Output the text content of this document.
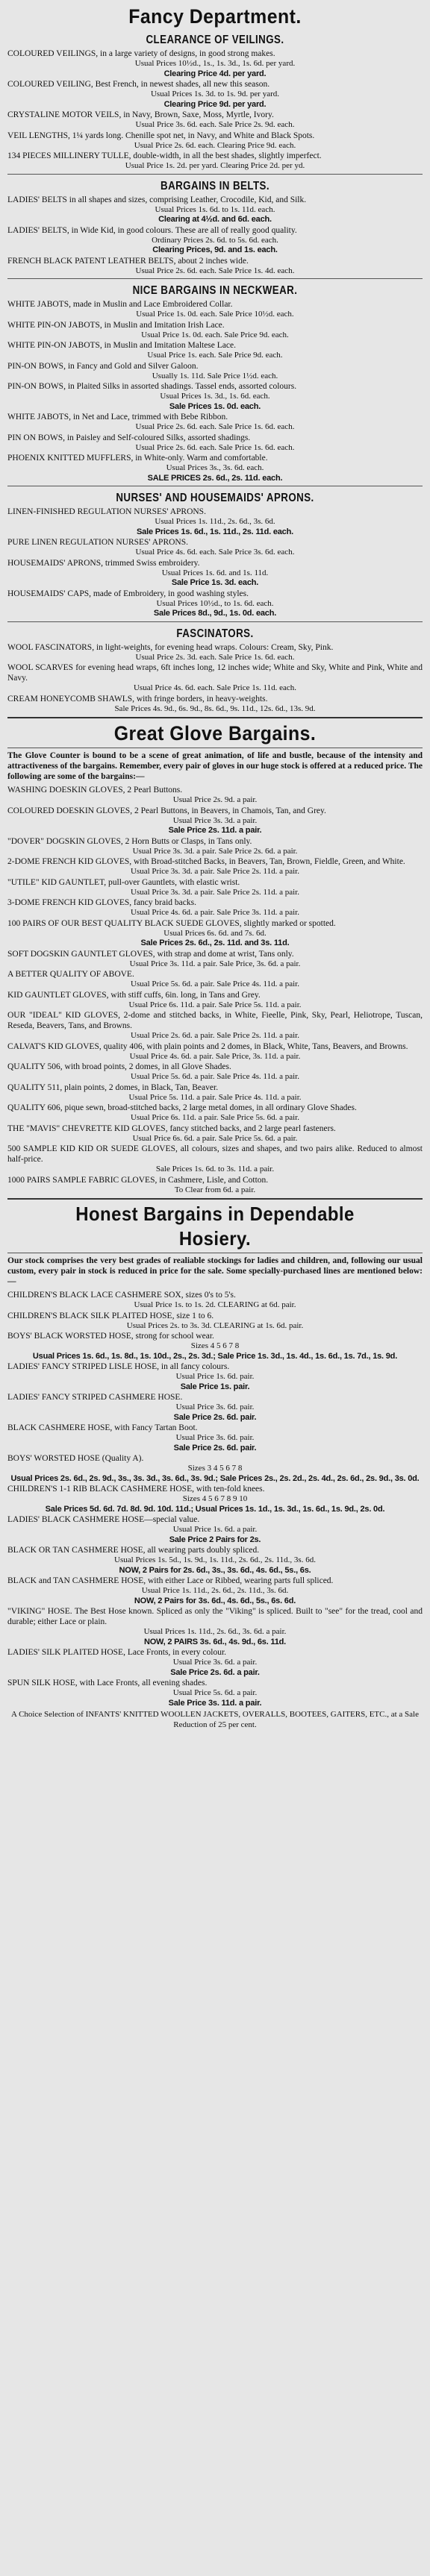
Fancy Department.
CLEARANCE OF VEILINGS.

COLOURED VEILINGS, in a large variety of designs, in good strong makes.

Usual Prices 10½d., 1s., 1s. 3d., 1s. 6d. per yard.

Clearing Price 4d. per yard.

COLOURED VEILING, Best French, in newest shades, all new this season.

Usual Prices 1s. 3d. to 1s. 9d. per yard.

Clearing Price 9d. per yard.

CRYSTALINE MOTOR VEILS, in Navy, Brown, Saxe, Moss, Myrtle, Ivory.

Usual Price 3s. 6d. each. Sale Price 2s. 9d. each.

VEIL LENGTHS, 1¼ yards long. Chenille spot net, in Navy, and White and Black Spots.

Usual Price 2s. 6d. each. Clearing Price 9d. each.

134 PIECES MILLINERY TULLE, double-width, in all the best shades, slightly imperfect.

Usual Price 1s. 2d. per yard. Clearing Price 2d. per yd.

BARGAINS IN BELTS.

LADIES' BELTS in all shapes and sizes, comprising Leather, Crocodile, Kid, and Silk.

Usual Prices 1s. 6d. to 1s. 11d. each.

Clearing at 4½d. and 6d. each.

LADIES' BELTS, in Wide Kid, in good colours. These are all of really good quality.

Ordinary Prices 2s. 6d. to 5s. 6d. each.

Clearing Prices, 9d. and 1s. each.

FRENCH BLACK PATENT LEATHER BELTS, about 2 inches wide.

Usual Price 2s. 6d. each. Sale Price 1s. 4d. each.

NICE BARGAINS IN NECKWEAR.

WHITE JABOTS, made in Muslin and Lace Embroidered Collar.

Usual Price 1s. 0d. each. Sale Price 10½d. each.

WHITE PIN-ON JABOTS, in Muslin and Imitation Irish Lace.

Usual Price 1s. 0d. each. Sale Price 9d. each.

WHITE PIN-ON JABOTS, in Muslin and Imitation Maltese Lace.

Usual Price 1s. each. Sale Price 9d. each.

PIN-ON BOWS, in Fancy and Gold and Silver Galoon.

Usually 1s. 11d. Sale Price 1½d. each.

PIN-ON BOWS, in Plaited Silks in assorted shadings. Tassel ends, assorted colours.

Usual Prices 1s. 3d., 1s. 6d. each.

Sale Prices 1s. 0d. each.

WHITE JABOTS, in Net and Lace, trimmed with Bebe Ribbon.

Usual Price 2s. 6d. each. Sale Price 1s. 6d. each.

PIN ON BOWS, in Paisley and Self-coloured Silks, assorted shadings.

Usual Price 2s. 6d. each. Sale Price 1s. 6d. each.

PHOENIX KNITTED MUFFLERS, in White-only. Warm and comfortable.

Usual Prices 3s., 3s. 6d. each.

SALE PRICES 2s. 6d., 2s. 11d. each.

NURSES' AND HOUSEMAIDS' APRONS.

LINEN-FINISHED REGULATION NURSES' APRONS.

Usual Prices 1s. 11d., 2s. 6d., 3s. 6d.

Sale Prices 1s. 6d., 1s. 11d., 2s. 11d. each.

PURE LINEN REGULATION NURSES' APRONS.

Usual Price 4s. 6d. each. Sale Price 3s. 6d. each.

HOUSEMAIDS' APRONS, trimmed Swiss embroidery.

Usual Prices 1s. 6d. and 1s. 11d.

Sale Price 1s. 3d. each.

HOUSEMAIDS' CAPS, made of Embroidery, in good washing styles.

Usual Prices 10½d., to 1s. 6d. each.

Sale Prices 8d., 9d., 1s. 0d. each.

FASCINATORS.

WOOL FASCINATORS, in light-weights, for evening head wraps. Colours: Cream, Sky, Pink.

Usual Price 2s. 3d. each. Sale Price 1s. 6d. each.

WOOL SCARVES for evening head wraps, 6ft inches long, 12 inches wide; White and Sky, White and Pink, White and Navy.

Usual Price 4s. 6d. each. Sale Price 1s. 11d. each.

CREAM HONEYCOMB SHAWLS, with fringe borders, in heavy-weights.

Sale Prices 4s. 9d., 6s. 9d., 8s. 6d., 9s. 11d., 12s. 6d., 13s. 9d.

Great Glove Bargains.

The Glove Counter is bound to be a scene of great animation, of life and bustle, because of the intensity and attractiveness of the bargains. Remember, every pair of gloves in our huge stock is offered at a reduced price. The following are some of the bargains:—

WASHING DOESKIN GLOVES, 2 Pearl Buttons.

Usual Price 2s. 9d. a pair.

COLOURED DOESKIN GLOVES, 2 Pearl Buttons, in Beavers, in Chamois, Tan, and Grey.

Usual Price 3s. 3d. a pair.

Sale Price 2s. 11d. a pair.

"DOVER" DOGSKIN GLOVES, 2 Horn Butts or Clasps, in Tans only.

Usual Price 3s. 3d. a pair. Sale Price 2s. 6d. a pair.

2-DOME FRENCH KID GLOVES, with Broad-stitched Backs, in Beavers, Tan, Brown, Fieldle, Green, and White.

Usual Price 3s. 3d. a pair. Sale Price 2s. 11d. a pair.

"UTILE" KID GAUNTLET, pull-over Gauntlets, with elastic wrist.

Usual Price 3s. 3d. a pair. Sale Price 2s. 11d. a pair.

3-DOME FRENCH KID GLOVES, fancy braid backs.

Usual Price 4s. 6d. a pair. Sale Price 3s. 11d. a pair.

100 PAIRS OF OUR BEST QUALITY BLACK SUEDE GLOVES, slightly marked or spotted.

Usual Prices 6s. 6d. and 7s. 6d.

Sale Prices 2s. 6d., 2s. 11d. and 3s. 11d.

SOFT DOGSKIN GAUNTLET GLOVES, with strap and dome at wrist, Tans only.

Usual Price 3s. 11d. a pair. Sale Price, 3s. 6d. a pair.

A BETTER QUALITY OF ABOVE.

Usual Price 5s. 6d. a pair. Sale Price 4s. 11d. a pair.

KID GAUNTLET GLOVES, with stiff cuffs, 6in. long, in Tans and Grey.

Usual Price 6s. 11d. a pair. Sale Price 5s. 11d. a pair.

OUR "IDEAL" KID GLOVES, 2-dome and stitched backs, in White, Fieelle, Pink, Sky, Pearl, Heliotrope, Tuscan, Reseda, Beavers, Tans, and Browns.

Usual Price 2s. 6d. a pair. Sale Price 2s. 11d. a pair.

CALVAT'S KID GLOVES, quality 406, with plain points and 2 domes, in Black, White, Tans, Beavers, and Browns.

Usual Price 4s. 6d. a pair. Sale Price, 3s. 11d. a pair.

QUALITY 506, with broad points, 2 domes, in all Glove Shades.

Usual Price 5s. 6d. a pair. Sale Price 4s. 11d. a pair.

QUALITY 511, plain points, 2 domes, in Black, Tan, Beaver.

Usual Price 5s. 11d. a pair. Sale Price 4s. 11d. a pair.

QUALITY 606, pique sewn, broad-stitched backs, 2 large metal domes, in all ordinary Glove Shades.

Usual Price 6s. 11d. a pair. Sale Price 5s. 6d. a pair.

THE "MAVIS" CHEVRETTE KID GLOVES, fancy stitched backs, and 2 large pearl fasteners.

Usual Price 6s. 6d. a pair. Sale Price 5s. 6d. a pair.

500 SAMPLE KID KID OR SUEDE GLOVES, all colours, sizes and shapes, and two pairs alike. Reduced to almost half-price.

Sale Prices 1s. 6d. to 3s. 11d. a pair.

1000 PAIRS SAMPLE FABRIC GLOVES, in Cashmere, Lisle, and Cotton.

To Clear from 6d. a pair.

Honest Bargains in Dependable
Hosiery.

Our stock comprises the very best grades of realiable stockings for ladies and children, and, following our usual custom, every pair in stock is reduced in price for the sale. Some specially-purchased lines are mentioned below:—

CHILDREN'S BLACK LACE CASHMERE SOX, sizes 0's to 5's.

Usual Price 1s. to 1s. 2d. CLEARING at 6d. pair.

CHILDREN'S BLACK SILK PLAITED HOSE, size 1 to 6.

Usual Prices 2s. to 3s. 3d. CLEARING at 1s. 6d. pair.

BOYS' BLACK WORSTED HOSE, strong for school wear.

Sizes 4 5 6 7 8

Usual Prices 1s. 6d., 1s. 8d., 1s. 10d., 2s., 2s. 3d.; Sale Price 1s. 3d., 1s. 4d., 1s. 6d., 1s. 7d., 1s. 9d.

LADIES' FANCY STRIPED LISLE HOSE, in all fancy colours.

Usual Price 1s. 6d. pair.

Sale Price 1s. pair.

LADIES' FANCY STRIPED CASHMERE HOSE.

Usual Price 3s. 6d. pair.

Sale Price 2s. 6d. pair.

BLACK CASHMERE HOSE, with Fancy Tartan Boot.

Usual Price 3s. 6d. pair.

Sale Price 2s. 6d. pair.

BOYS' WORSTED HOSE (Quality A).

Sizes 3 4 5 6 7 8

Usual Prices 2s. 6d., 2s. 9d., 3s., 3s. 3d., 3s. 6d., 3s. 9d.; Sale Prices 2s., 2s. 2d., 2s. 4d., 2s. 6d., 2s. 9d., 3s. 0d.

CHILDREN'S 1-1 RIB BLACK CASHMERE HOSE, with ten-fold knees.

Sizes 4 5 6 7 8 9 10

Sale Prices 5d. 6d. 7d. 8d. 9d. 10d. 11d.; Usual Prices 1s. 1d., 1s. 3d., 1s. 6d., 1s. 9d., 2s. 0d.

LADIES' BLACK CASHMERE HOSE—special value.

Usual Price 1s. 6d. a pair.

Sale Price 2 Pairs for 2s.

BLACK OR TAN CASHMERE HOSE, all wearing parts doubly spliced.

Usual Prices 1s. 5d., 1s. 9d., 1s. 11d., 2s. 6d., 2s. 11d., 3s. 6d.

NOW, 2 Pairs for 2s. 6d., 3s., 3s. 6d., 4s. 6d., 5s., 6s.

BLACK and TAN CASHMERE HOSE, with either Lace or Ribbed, wearing parts full spliced.

Usual Price 1s. 11d., 2s. 6d., 2s. 11d., 3s. 6d.

NOW, 2 Pairs for 3s. 6d., 4s. 6d., 5s., 6s. 6d.

"VIKING" HOSE. The Best Hose known. Spliced as only the "Viking" is spliced. Built to "see" for the tread, cool and durable; either Lace or plain.

Usual Prices 1s. 11d., 2s. 6d., 3s. 6d. a pair.

NOW, 2 PAIRS 3s. 6d., 4s. 9d., 6s. 11d.

LADIES' SILK PLAITED HOSE, Lace Fronts, in every colour.

Usual Price 3s. 6d. a pair.

Sale Price 2s. 6d. a pair.

SPUN SILK HOSE, with Lace Fronts, all evening shades.

Usual Price 5s. 6d. a pair.

Sale Price 3s. 11d. a pair.

A Choice Selection of INFANTS' KNITTED WOOLLEN JACKETS, OVERALLS, BOOTEES, GAITERS, ETC., at a Sale Reduction of 25 per cent.
